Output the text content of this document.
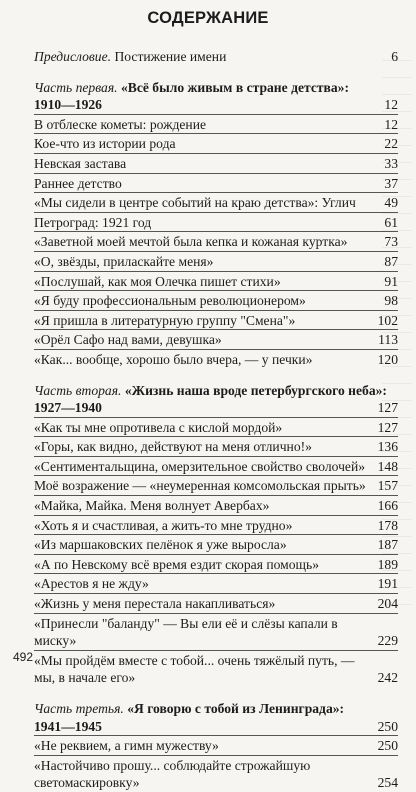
СОДЕРЖАНИЕ
Предисловие. Постижение имени	6
Часть первая. «Всё было живым в стране детства»:
1910—1926	12
В отблеске кометы: рождение	12
Кое-что из истории рода	22
Невская застава	33
Раннее детство	37
«Мы сидели в центре событий на краю детства»: Углич	49
Петроград: 1921 год	61
«Заветной моей мечтой была кепка и кожаная куртка»	73
«О, звёзды, приласкайте меня»	87
«Послушай, как моя Олечка пишет стихи»	91
«Я буду профессиональным революционером»	98
«Я пришла в литературную группу "Смена"»	102
«Орёл Сафо над вами, девушка»	113
«Как... вообще, хорошо было вчера, — у печки»	120
Часть вторая. «Жизнь наша вроде петербургского неба»:
1927—1940	127
«Как ты мне опротивела с кислой мордой»	127
«Горы, как видно, действуют на меня отлично!»	136
«Сентиментальщина, омерзительное свойство сволочей» 148
Моё возражение — «неумеренная комсомольская прыть» 157
«Майка, Майка. Меня волнует Авербах»	166
«Хоть я и счастливая, а жить-то мне трудно»	178
«Из маршаковских пелёнок я уже выросла»	187
«А по Невскому всё время ездит скорая помощь»	189
«Арестов я не жду»	191
«Жизнь у меня перестала накапливаться»	204
«Принесли "баланду" — Вы ели её и слёзы капали в миску»	229
«Мы пройдём вместе с тобой... очень тяжёлый путь, — мы, в начале его»	242
Часть третья. «Я говорю с тобой из Ленинграда»:
1941—1945	250
«Не реквием, а гимн мужеству»	250
«Настойчиво прошу... соблюдайте строжайшую светомаскировку»	254
492
